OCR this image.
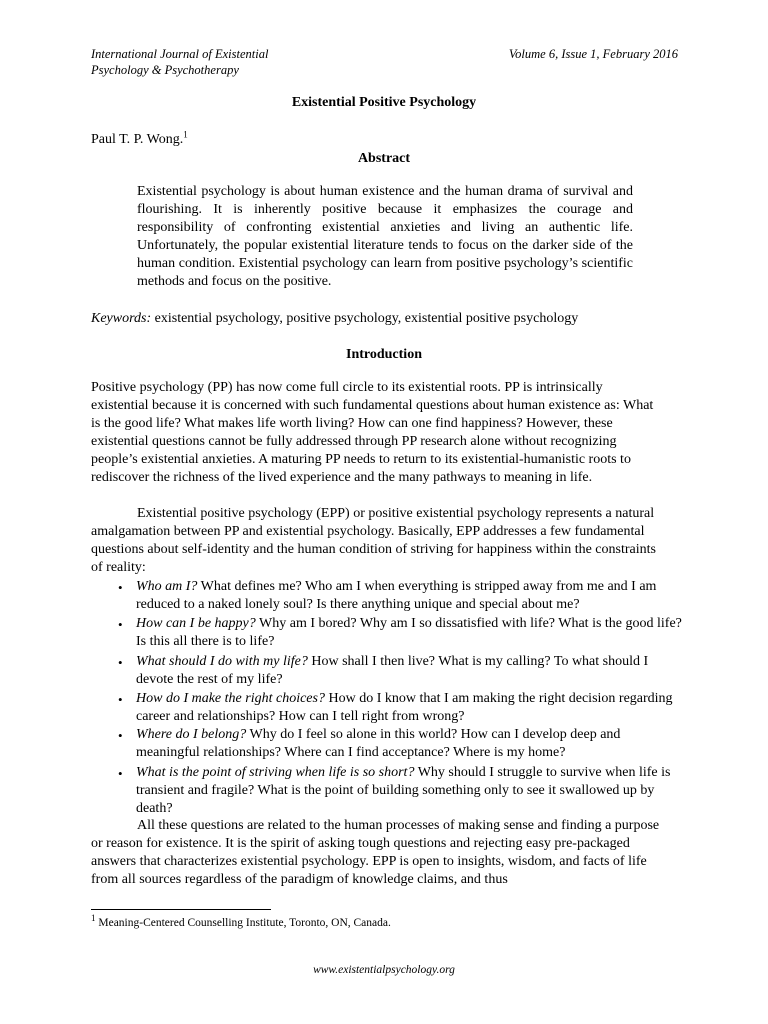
International Journal of Existential
Psychology & Psychotherapy
Volume 6, Issue 1, February 2016
Existential Positive Psychology
Paul T. P. Wong.$^1$
Abstract
Existential psychology is about human existence and the human drama of survival and flourishing. It is inherently positive because it emphasizes the courage and responsibility of confronting existential anxieties and living an authentic life. Unfortunately, the popular existential literature tends to focus on the darker side of the human condition. Existential psychology can learn from positive psychology’s scientific methods and focus on the positive.
Keywords: existential psychology, positive psychology, existential positive psychology
Introduction
Positive psychology (PP) has now come full circle to its existential roots. PP is intrinsically existential because it is concerned with such fundamental questions about human existence as: What is the good life? What makes life worth living? How can one find happiness? However, these existential questions cannot be fully addressed through PP research alone without recognizing people’s existential anxieties. A maturing PP needs to return to its existential-humanistic roots to rediscover the richness of the lived experience and the many pathways to meaning in life.
Existential positive psychology (EPP) or positive existential psychology represents a natural amalgamation between PP and existential psychology. Basically, EPP addresses a few fundamental questions about self-identity and the human condition of striving for happiness within the constraints of reality:
• Who am I? What defines me? Who am I when everything is stripped away from me and I am reduced to a naked lonely soul? Is there anything unique and special about me?
• How can I be happy? Why am I bored? Why am I so dissatisfied with life? What is the good life? Is this all there is to life?
• What should I do with my life? How shall I then live? What is my calling? To what should I devote the rest of my life?
• How do I make the right choices? How do I know that I am making the right decision regarding career and relationships? How can I tell right from wrong?
• Where do I belong? Why do I feel so alone in this world? How can I develop deep and meaningful relationships? Where can I find acceptance? Where is my home?
• What is the point of striving when life is so short? Why should I struggle to survive when life is transient and fragile? What is the point of building something only to see it swallowed up by death?
All these questions are related to the human processes of making sense and finding a purpose or reason for existence. It is the spirit of asking tough questions and rejecting easy pre-packaged answers that characterizes existential psychology. EPP is open to insights, wisdom, and facts of life from all sources regardless of the paradigm of knowledge claims, and thus
$^1$ Meaning-Centered Counselling Institute, Toronto, ON, Canada.
www.existentialpsychology.org
